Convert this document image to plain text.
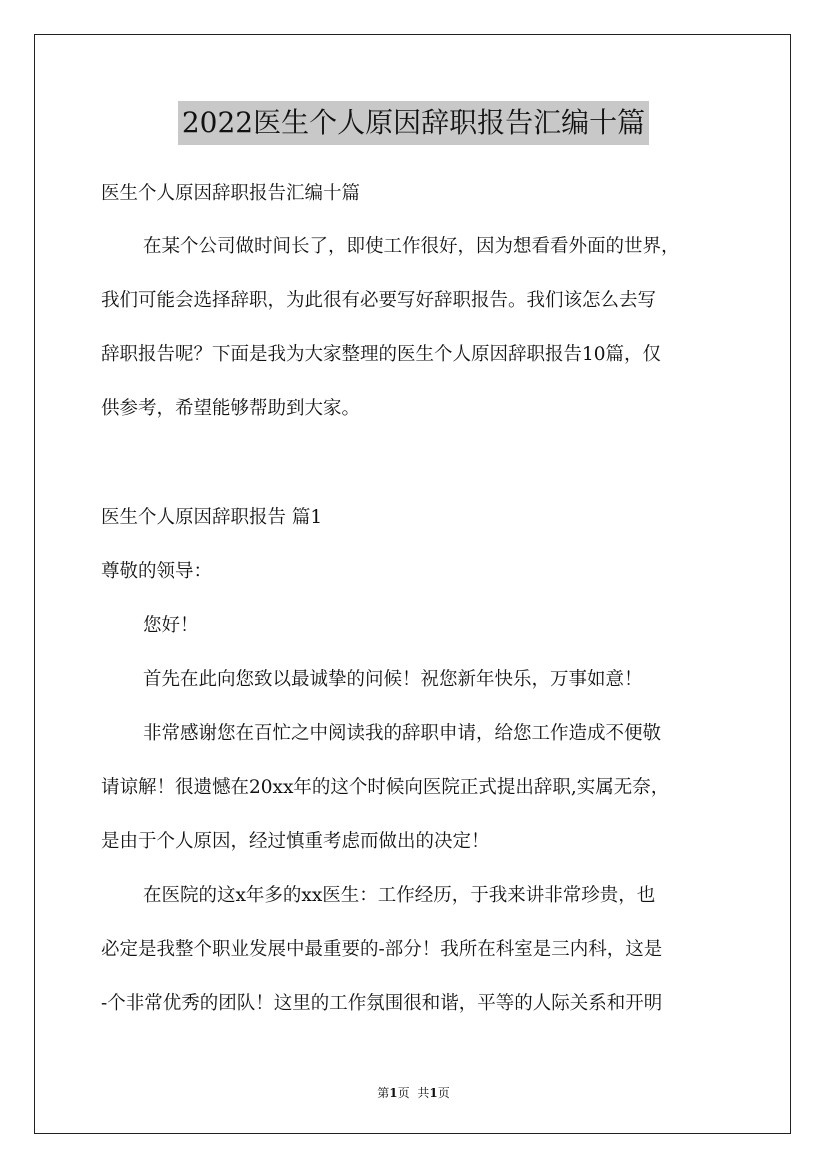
2022医生个人原因辞职报告汇编十篇
医生个人原因辞职报告汇编十篇
在某个公司做时间长了，即使工作很好，因为想看看外面的世界，
我们可能会选择辞职，为此很有必要写好辞职报告。我们该怎么去写
辞职报告呢？下面是我为大家整理的医生个人原因辞职报告10篇，仅
供参考，希望能够帮助到大家。
医生个人原因辞职报告 篇1
尊敬的领导：
您好！
首先在此向您致以最诚挚的问候！祝您新年快乐，万事如意！
非常感谢您在百忙之中阅读我的辞职申请，给您工作造成不便敬
请谅解！很遗憾在20xx年的这个时候向医院正式提出辞职,实属无奈，
是由于个人原因，经过慎重考虑而做出的决定！
在医院的这x年多的xx医生：工作经历，于我来讲非常珍贵，也
必定是我整个职业发展中最重要的-部分！我所在科室是三内科，这是
-个非常优秀的团队！这里的工作氛围很和谐，平等的人际关系和开明
第1页 共1页
